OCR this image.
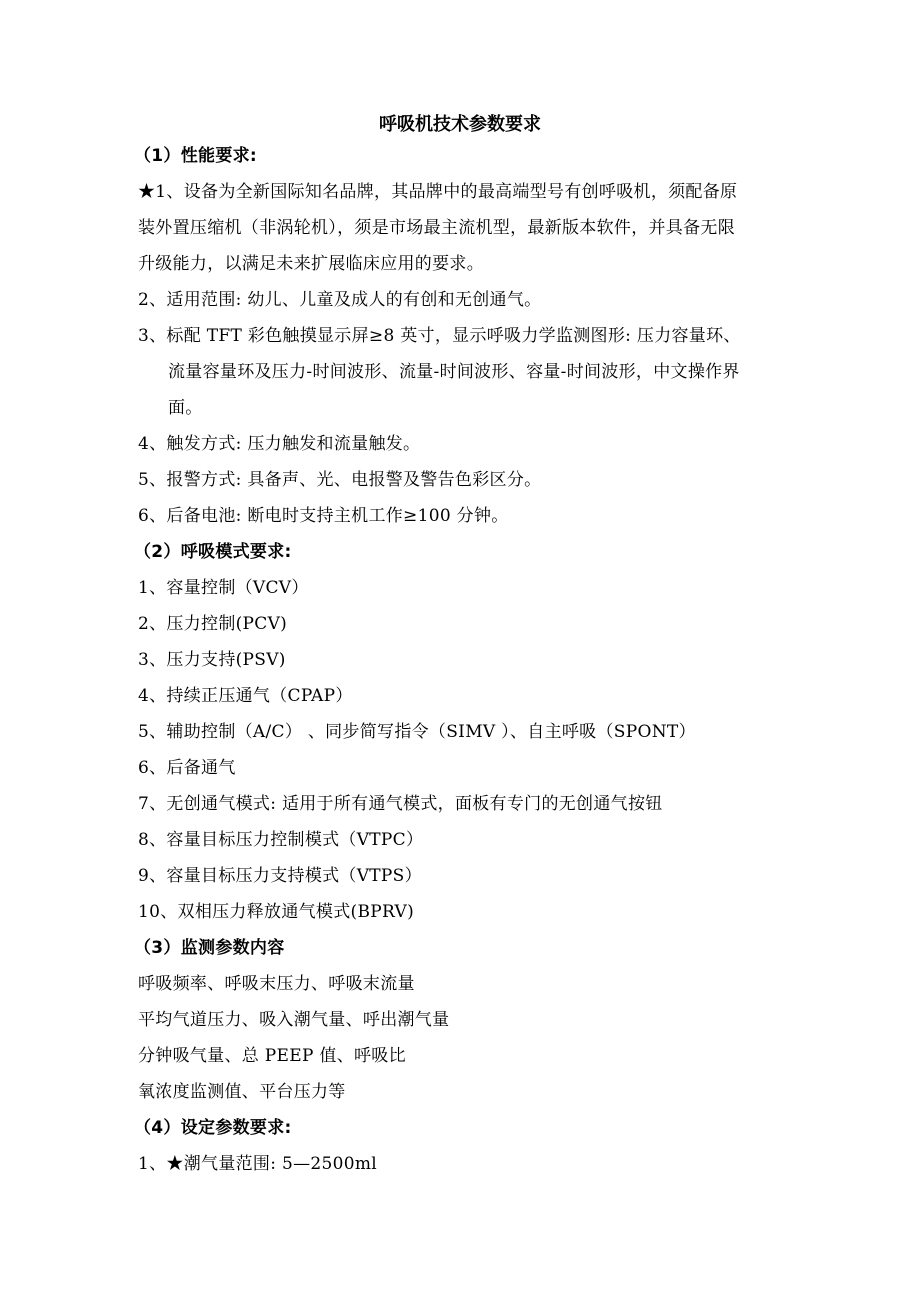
呼吸机技术参数要求
（1）性能要求:
★1、设备为全新国际知名品牌，其品牌中的最高端型号有创呼吸机，须配备原
装外置压缩机（非涡轮机），须是市场最主流机型，最新版本软件，并具备无限
升级能力，以满足未来扩展临床应用的要求。
2、适用范围: 幼儿、儿童及成人的有创和无创通气。
3、标配 TFT 彩色触摸显示屏≥8 英寸，显示呼吸力学监测图形: 压力容量环、
流量容量环及压力-时间波形、流量-时间波形、容量-时间波形，中文操作界
面。
4、触发方式: 压力触发和流量触发。
5、报警方式: 具备声、光、电报警及警告色彩区分。
6、后备电池: 断电时支持主机工作≥100 分钟。
（2）呼吸模式要求:
1、容量控制（VCV）
2、压力控制(PCV)
3、压力支持(PSV)
4、持续正压通气（CPAP）
5、辅助控制（A/C） 、同步简写指令（SIMV ）、自主呼吸（SPONT）
6、后备通气
7、无创通气模式: 适用于所有通气模式，面板有专门的无创通气按钮
8、容量目标压力控制模式（VTPC）
9、容量目标压力支持模式（VTPS）
10、双相压力释放通气模式(BPRV)
（3）监测参数内容
呼吸频率、呼吸末压力、呼吸末流量
平均气道压力、吸入潮气量、呼出潮气量
分钟吸气量、总 PEEP 值、呼吸比
氧浓度监测值、平台压力等
（4）设定参数要求:
1、★潮气量范围: 5—2500ml
